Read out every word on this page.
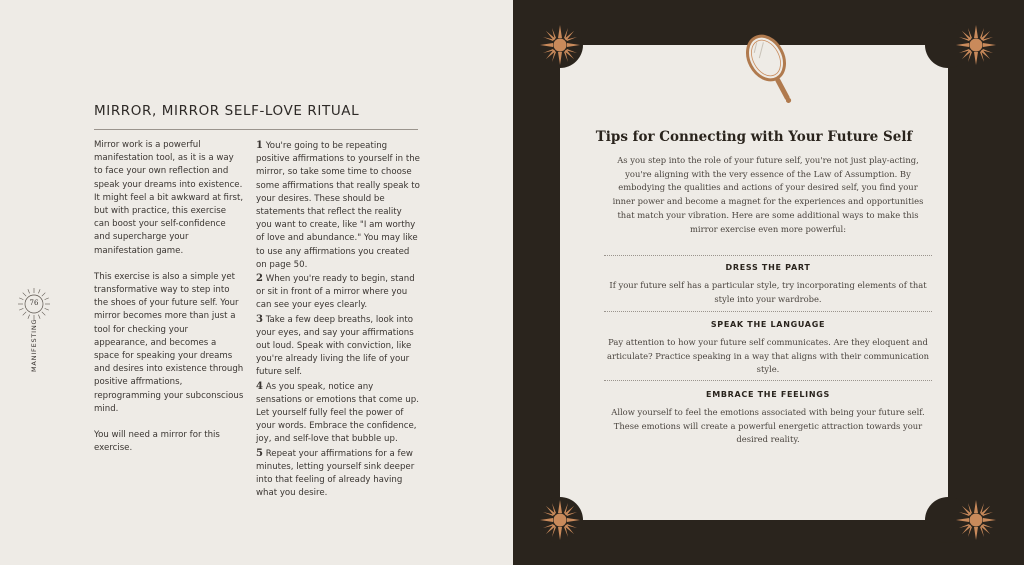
MIRROR, MIRROR SELF-LOVE RITUAL

Mirror work is a powerful manifestation tool, as it is a way to face your own reflection and speak your dreams into existence. It might feel a bit awkward at first, but with practice, this exercise can boost your self-confidence and supercharge your manifestation game.

This exercise is also a simple yet transformative way to step into the shoes of your future self. Your mirror becomes more than just a tool for checking your appearance, and becomes a space for speaking your dreams and desires into existence through positive affrmations, reprogramming your subconscious mind.

You will need a mirror for this exercise.

1 You're going to be repeating positive affirmations to yourself in the mirror, so take some time to choose some affirmations that really speak to your desires. These should be statements that reflect the reality you want to create, like "I am worthy of love and abundance." You may like to use any affirmations you created on page 50.
2 When you're ready to begin, stand or sit in front of a mirror where you can see your eyes clearly.
3 Take a few deep breaths, look into your eyes, and say your affirmations out loud. Speak with conviction, like you're already living the life of your future self.
4 As you speak, notice any sensations or emotions that come up. Let yourself fully feel the power of your words. Embrace the confidence, joy, and self-love that bubble up.
5 Repeat your affirmations for a few minutes, letting yourself sink deeper into that feeling of already having what you desire.
76
MANIFESTING
Tips for Connecting with Your Future Self
As you step into the role of your future self, you're not just play-acting, you're aligning with the very essence of the Law of Assumption. By embodying the qualities and actions of your desired self, you find your inner power and become a magnet for the experiences and opportunities that match your vibration. Here are some additional ways to make this mirror exercise even more powerful:
DRESS THE PART
If your future self has a particular style, try incorporating elements of that style into your wardrobe.
SPEAK THE LANGUAGE
Pay attention to how your future self communicates. Are they eloquent and articulate? Practice speaking in a way that aligns with their communication style.
EMBRACE THE FEELINGS
Allow yourself to feel the emotions associated with being your future self. These emotions will create a powerful energetic attraction towards your desired reality.
